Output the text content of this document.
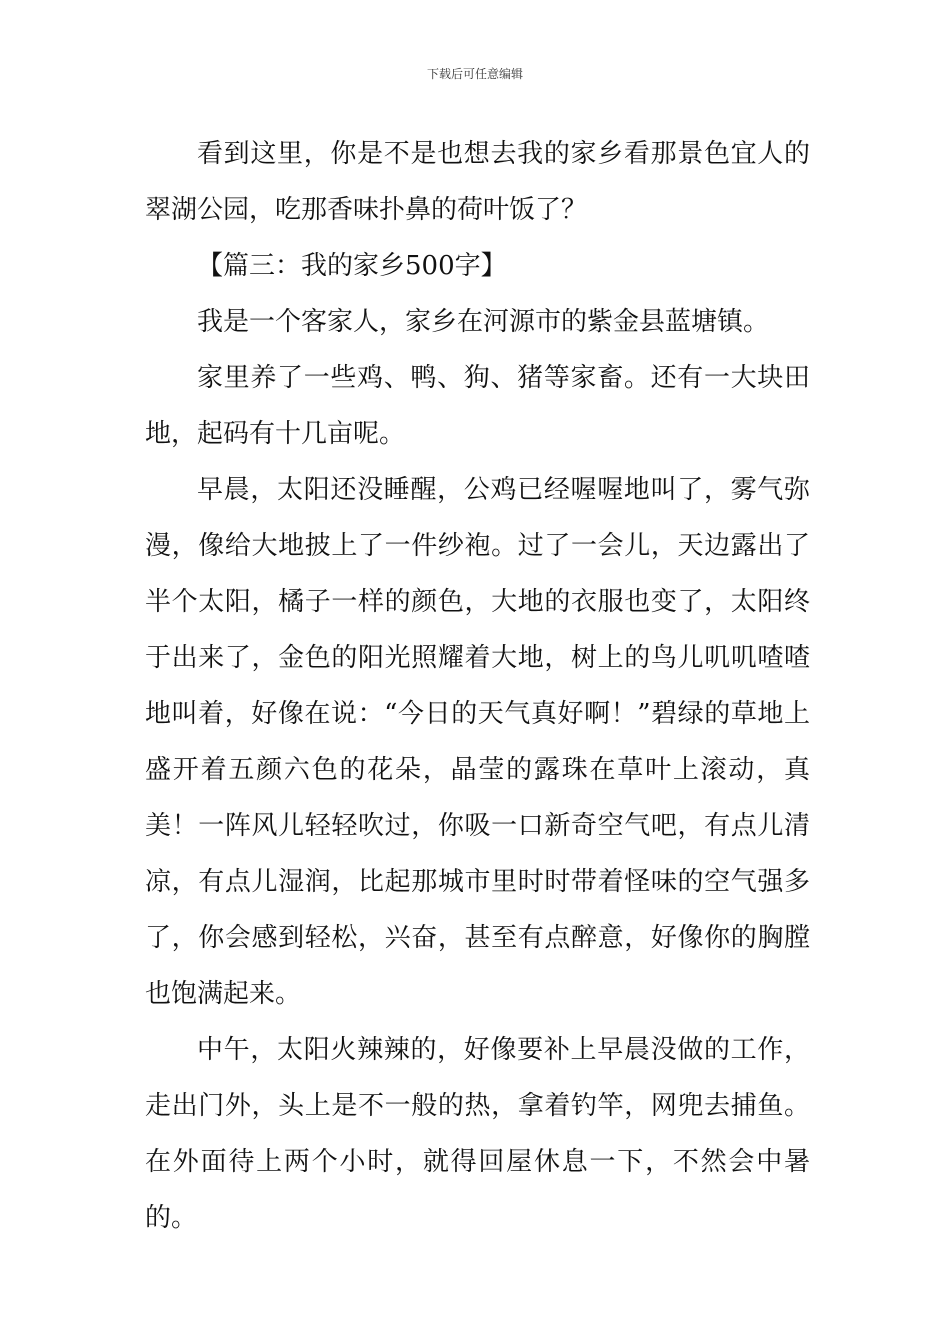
下载后可任意编辑

看到这里，你是不是也想去我的家乡看那景色宜人的翠湖公园，吃那香味扑鼻的荷叶饭了？

【篇三：我的家乡500字】

我是一个客家人，家乡在河源市的紫金县蓝塘镇。

家里养了一些鸡、鸭、狗、猪等家畜。还有一大块田地，起码有十几亩呢。

早晨，太阳还没睡醒，公鸡已经喔喔地叫了，雾气弥漫，像给大地披上了一件纱袍。过了一会儿，天边露出了半个太阳，橘子一样的颜色，大地的衣服也变了，太阳终于出来了，金色的阳光照耀着大地，树上的鸟儿叽叽喳喳地叫着，好像在说：“今日的天气真好啊！”碧绿的草地上盛开着五颜六色的花朵，晶莹的露珠在草叶上滚动，真美！一阵风儿轻轻吹过，你吸一口新奇空气吧，有点儿清凉，有点儿湿润，比起那城市里时时带着怪味的空气强多了，你会感到轻松，兴奋，甚至有点醉意，好像你的胸膛也饱满起来。

中午，太阳火辣辣的，好像要补上早晨没做的工作，走出门外，头上是不一般的热，拿着钓竿，网兜去捕鱼。在外面待上两个小时，就得回屋休息一下，不然会中暑的。
